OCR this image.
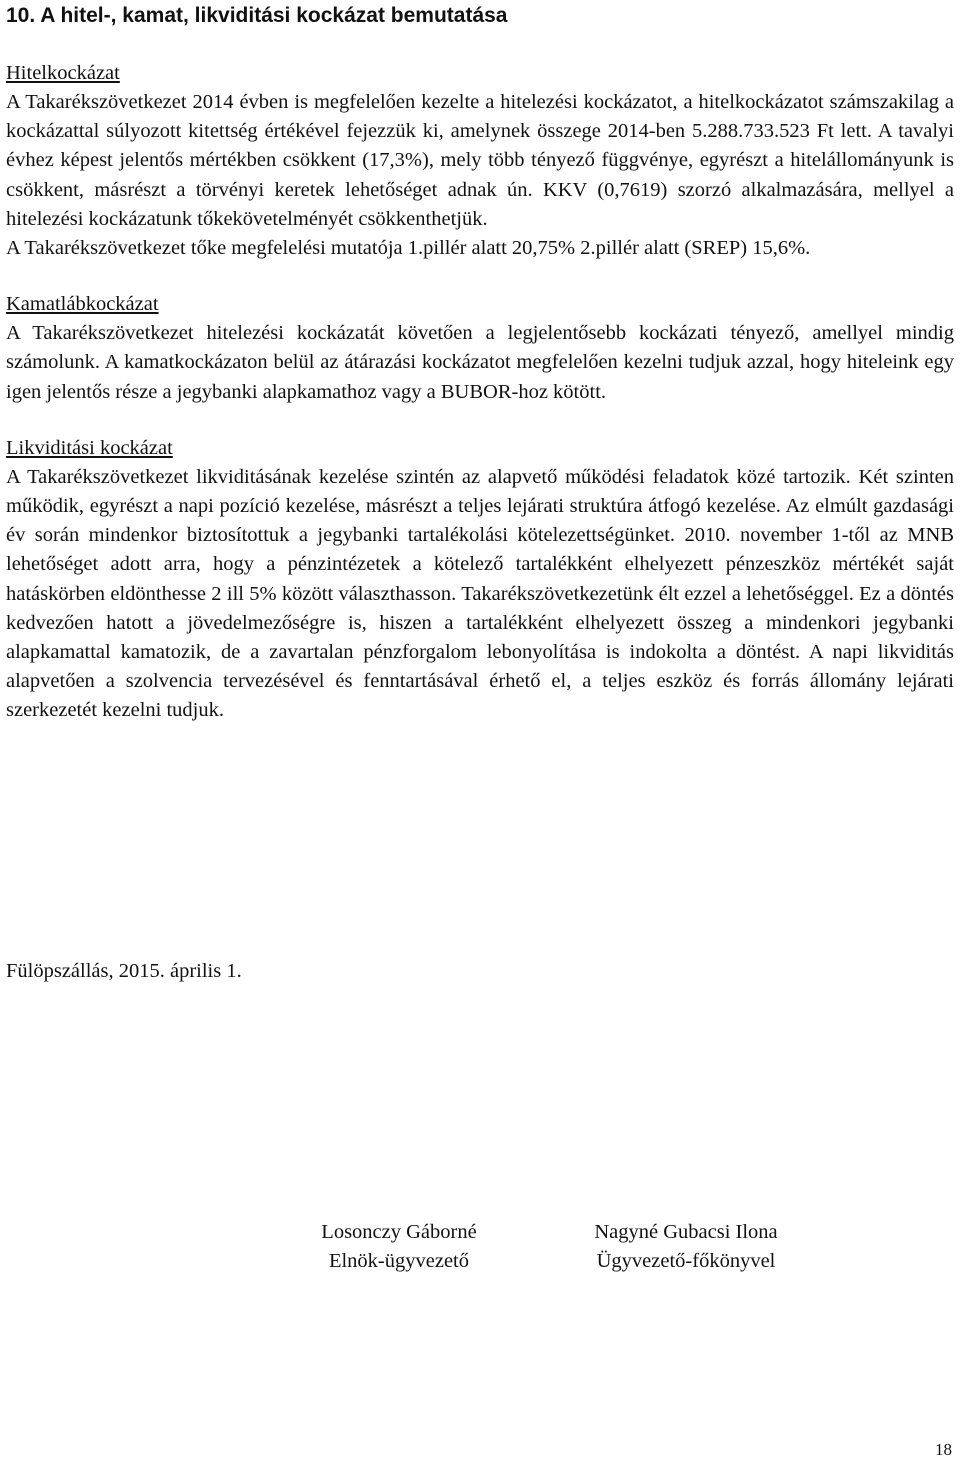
10. A hitel-, kamat, likviditási kockázat bemutatása

Hitelkockázat

A Takarékszövetkezet 2014 évben is megfelelően kezelte a hitelezési kockázatot, a hitelkockázatot számszakilag a kockázattal súlyozott kitettség értékével fejezzük ki, amelynek összege 2014-ben 5.288.733.523 Ft lett. A tavalyi évhez képest jelentős mértékben csökkent (17,3%), mely több tényező függvénye, egyrészt a hitelállományunk is csökkent, másrészt a törvényi keretek lehetőséget adnak ún. KKV (0,7619) szorzó alkalmazására, mellyel a hitelezési kockázatunk tőkekövetelményét csökkenthetjük.

A Takarékszövetkezet tőke megfelelési mutatója 1.pillér alatt 20,75% 2.pillér alatt (SREP) 15,6%.

Kamatlábkockázat

A Takarékszövetkezet hitelezési kockázatát követően a legjelentősebb kockázati tényező, amellyel mindig számolunk. A kamatkockázaton belül az átárazási kockázatot megfelelően kezelni tudjuk azzal, hogy hiteleink egy igen jelentős része a jegybanki alapkamathoz vagy a BUBOR-hoz kötött.

Likviditási kockázat

A Takarékszövetkezet likviditásának kezelése szintén az alapvető működési feladatok közé tartozik. Két szinten működik, egyrészt a napi pozíció kezelése, másrészt a teljes lejárati struktúra átfogó kezelése. Az elmúlt gazdasági év során mindenkor biztosítottuk a jegybanki tartalékolási kötelezettségünket. 2010. november 1-től az MNB lehetőséget adott arra, hogy a pénzintézetek a kötelező tartalékként elhelyezett pénzeszköz mértékét saját hatáskörben eldönthesse 2 ill 5% között választhasson. Takarékszövetkezetünk élt ezzel a lehetőséggel. Ez a döntés kedvezően hatott a jövedelmezőségre is, hiszen a tartalékként elhelyezett összeg a mindenkori jegybanki alapkamattal kamatozik, de a zavartalan pénzforgalom lebonyolítása is indokolta a döntést. A napi likviditás alapvetően a szolvencia tervezésével és fenntartásával érhető el, a teljes eszköz és forrás állomány lejárati szerkezetét kezelni tudjuk.

Fülöpszállás, 2015. április 1.

Losonczy Gáborné
Elnök-ügyvezető
Nagyné Gubacsi Ilona
Ügyvezető-főkönyvel

18
